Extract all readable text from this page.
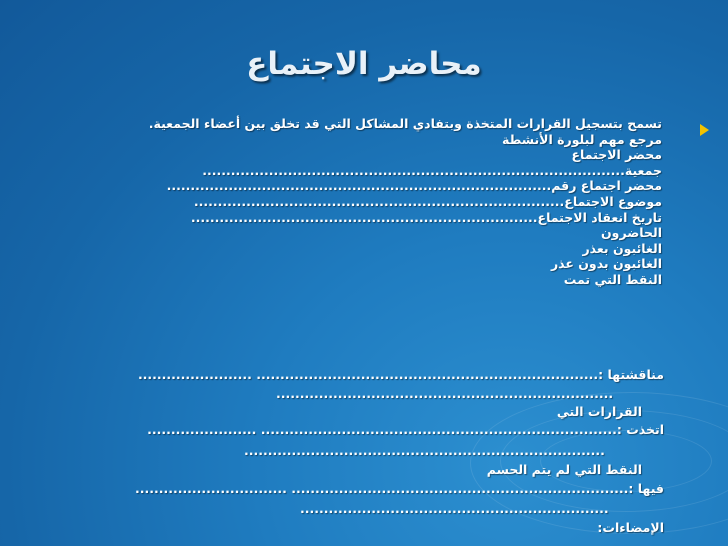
محاضر الاجتماع
تسمح بتسجيل القرارات المتخذة وبتفادي المشاكل التي قد تخلق بين أعضاء الجمعية.
مرجع مهم لبلورة الأنشطة
محضر الاجتماع
جمعية.........................................................................................
محضر اجتماع رقم.................................................................................
موضوع الاجتماع..............................................................................
تاريخ انعقاد الاجتماع.........................................................................
الحاضرون
الغائبون بعذر
الغائبون بدون عذر
النقط التي تمت
مناقشتها :........................................................................ ........................
.......................................................................
القرارات التي
اتخذت :........................................................................... .......................
............................................................................
النقط التي لم يتم الحسم
فيها :....................................................................... ................................
.................................................................
الإمضاءات:
